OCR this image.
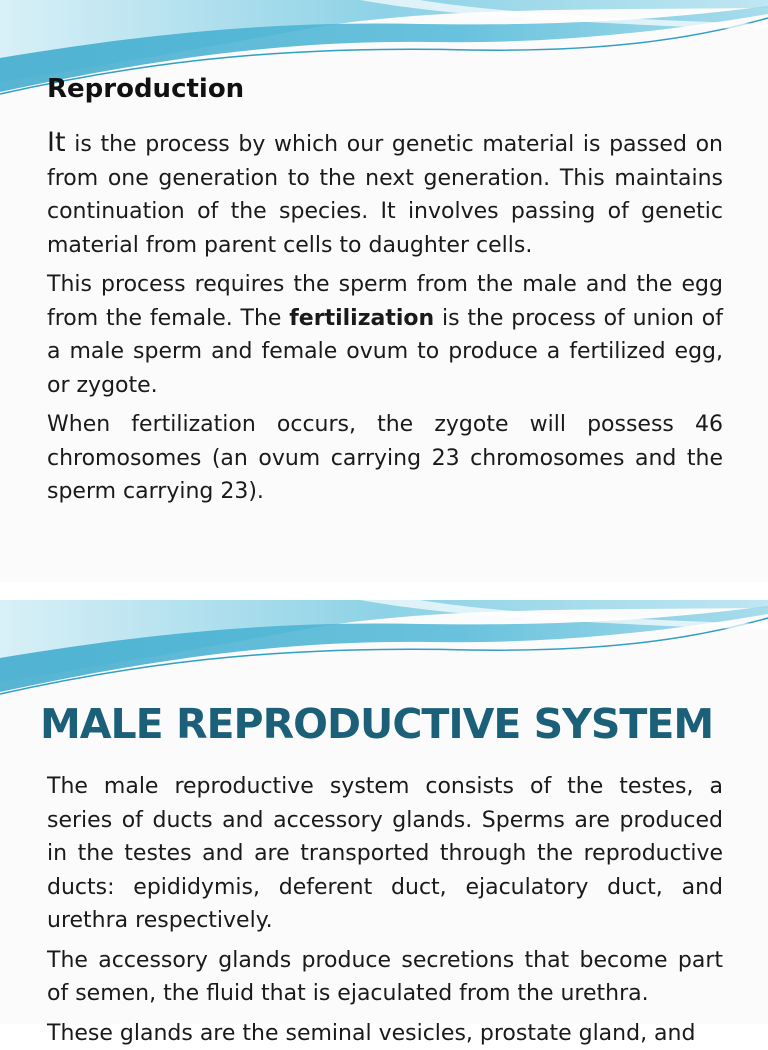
Reproduction

It is the process by which our genetic material is passed on from one generation to the next generation. This maintains continuation of the species. It involves passing of genetic material from parent cells to daughter cells.

This process requires the sperm from the male and the egg from the female. The fertilization is the process of union of a male sperm and female ovum to produce a fertilized egg, or zygote.

When fertilization occurs, the zygote will possess 46 chromosomes (an ovum carrying 23 chromosomes and the sperm carrying 23).

MALE REPRODUCTIVE SYSTEM

The male reproductive system consists of the testes, a series of ducts and accessory glands. Sperms are produced in the testes and are transported through the reproductive ducts: epididymis, deferent duct, ejaculatory duct, and urethra respectively.

The accessory glands produce secretions that become part of semen, the fluid that is ejaculated from the urethra.

These glands are the seminal vesicles, prostate gland, and
